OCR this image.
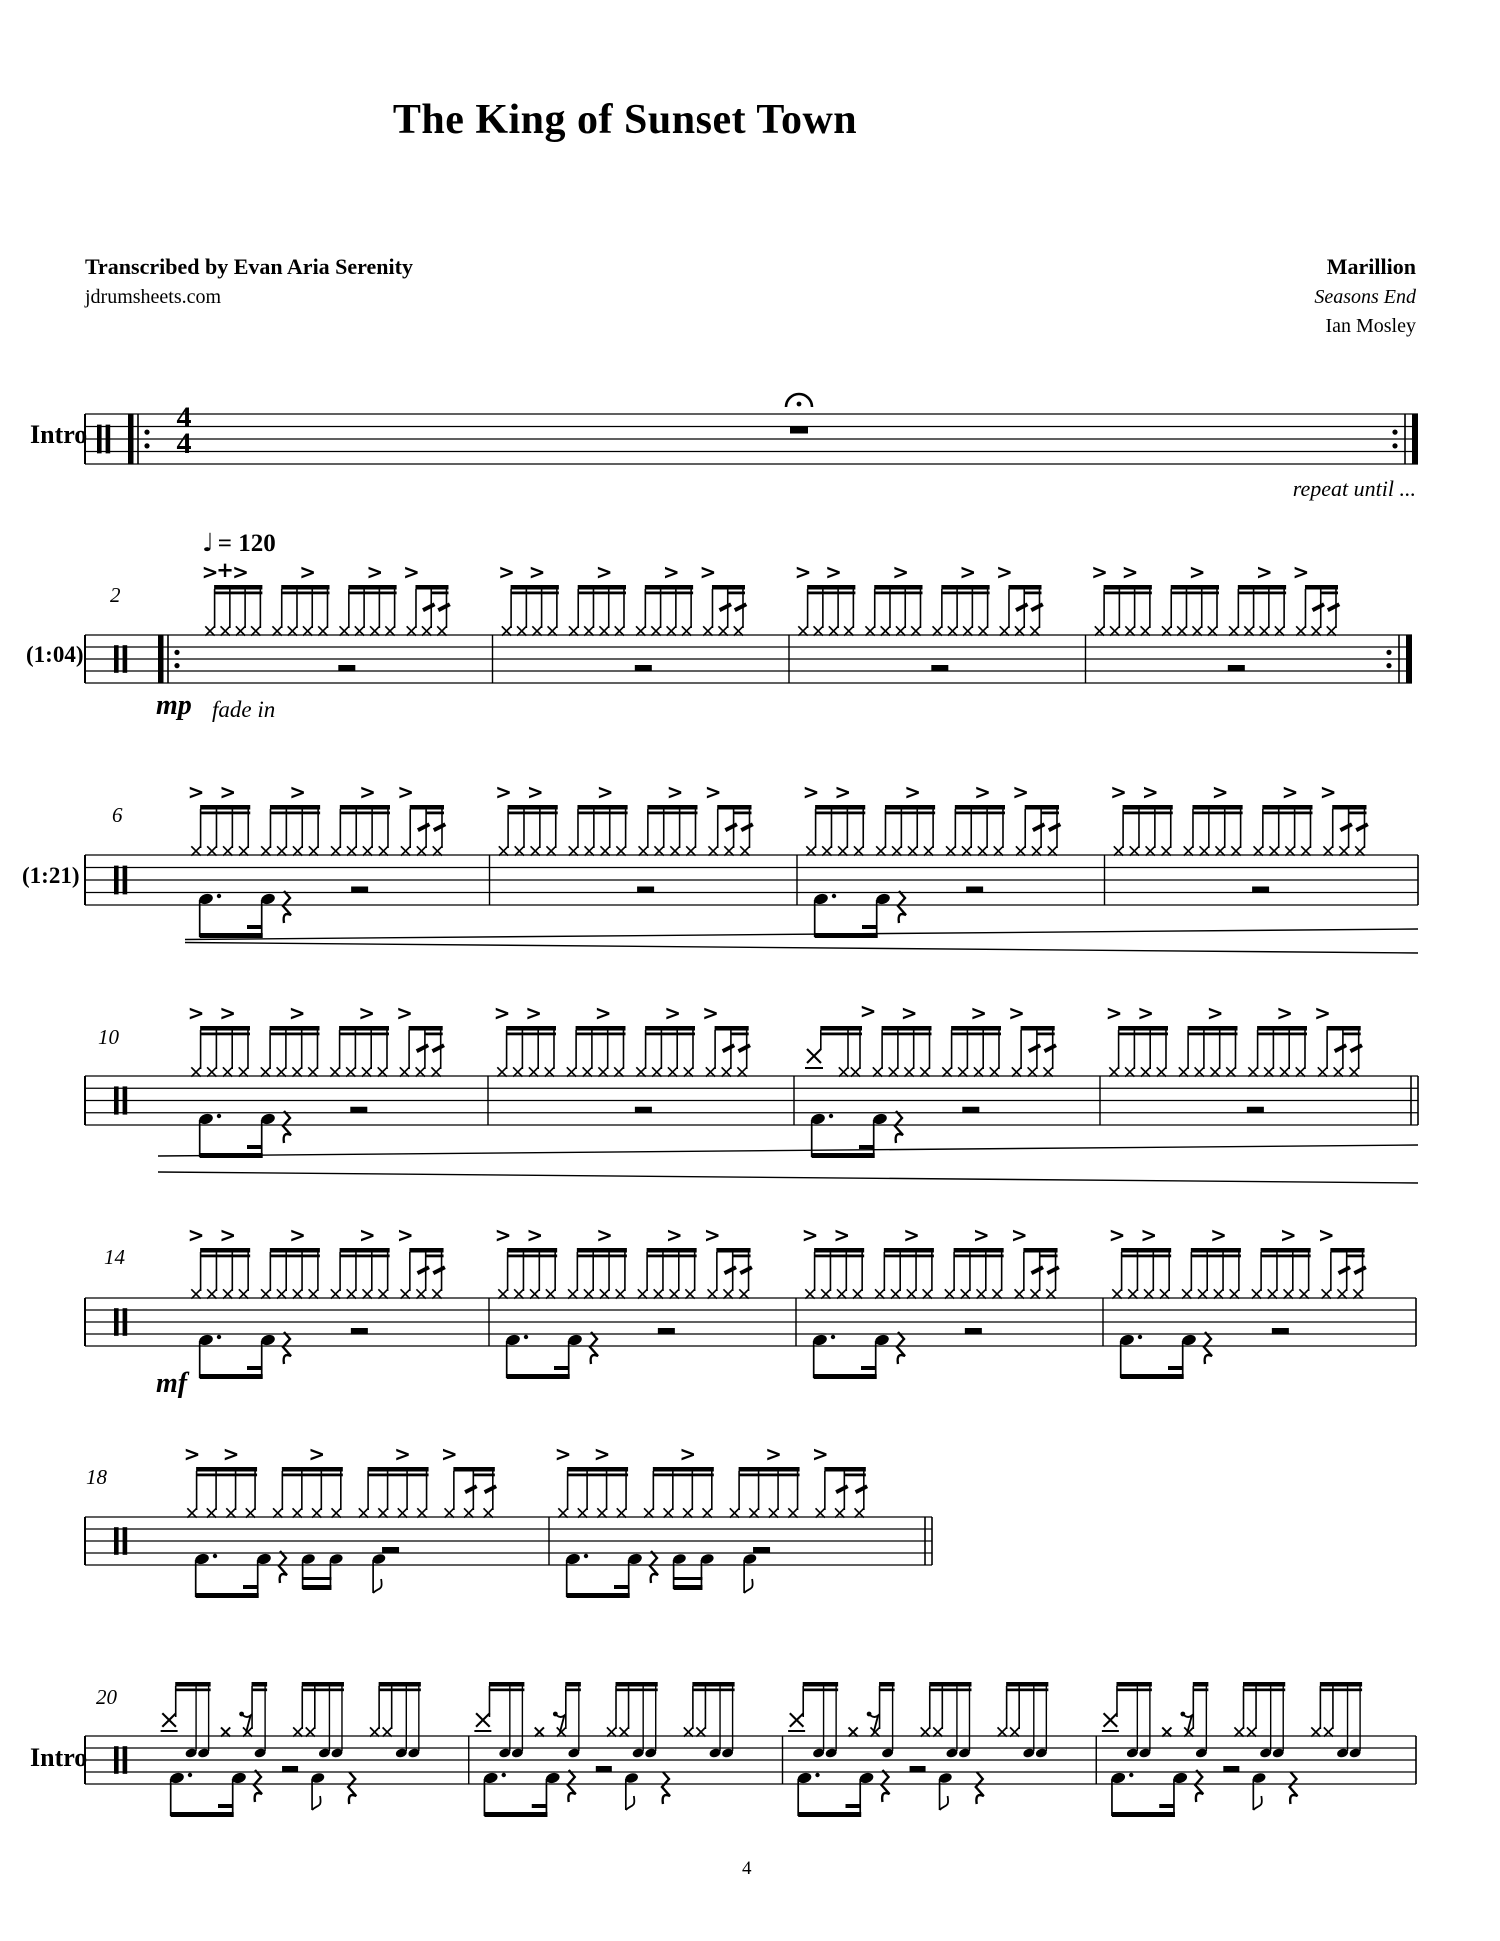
>
+
>	>	> >	> >	>	> >	> >	>	> >	> >	>	> >
> >	>	> >	> >	>	> >	> >	>	> >	> >	>	> >
> >	>	> >	> >	>	> >	> >	> >	> >	>	> >
> >	>	> >	> >	>	> >	> >	>	> >	> >	>	> >
> >	>	> >	> >	>	> >
The King of Sunset Town
Transcribed by Evan Aria Serenity
jdrumsheets.com
Marillion
Seasons End
Ian Mosley
Intro
4
4
repeat until ...
♩ = 120
(1:04)
2
mp fade in
(1:21)
6
10
14
mf
18
Intro
20
4
